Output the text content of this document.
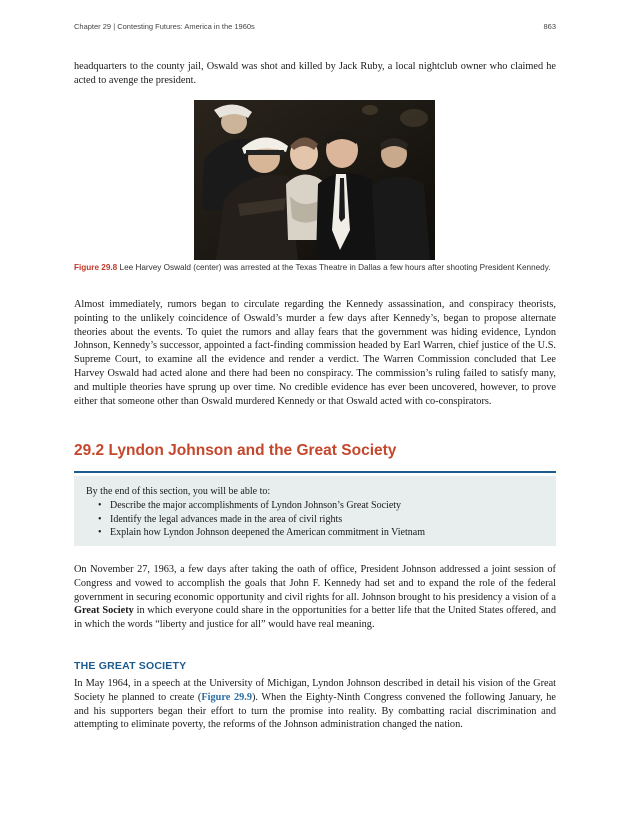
Chapter 29 | Contesting Futures: America in the 1960s	863

headquarters to the county jail, Oswald was shot and killed by Jack Ruby, a local nightclub owner who claimed he acted to avenge the president.

Figure 29.8 Lee Harvey Oswald (center) was arrested at the Texas Theatre in Dallas a few hours after shooting President Kennedy.

Almost immediately, rumors began to circulate regarding the Kennedy assassination, and conspiracy theorists, pointing to the unlikely coincidence of Oswald’s murder a few days after Kennedy’s, began to propose alternate theories about the events. To quiet the rumors and allay fears that the government was hiding evidence, Lyndon Johnson, Kennedy’s successor, appointed a fact-finding commission headed by Earl Warren, chief justice of the U.S. Supreme Court, to examine all the evidence and render a verdict. The Warren Commission concluded that Lee Harvey Oswald had acted alone and there had been no conspiracy. The commission’s ruling failed to satisfy many, and multiple theories have sprung up over time. No credible evidence has ever been uncovered, however, to prove either that someone other than Oswald murdered Kennedy or that Oswald acted with co-conspirators.

29.2 Lyndon Johnson and the Great Society

By the end of this section, you will be able to:

• Describe the major accomplishments of Lyndon Johnson’s Great Society
• Identify the legal advances made in the area of civil rights
• Explain how Lyndon Johnson deepened the American commitment in Vietnam

On November 27, 1963, a few days after taking the oath of office, President Johnson addressed a joint session of Congress and vowed to accomplish the goals that John F. Kennedy had set and to expand the role of the federal government in securing economic opportunity and civil rights for all. Johnson brought to his presidency a vision of a Great Society in which everyone could share in the opportunities for a better life that the United States offered, and in which the words “liberty and justice for all” would have real meaning.

THE GREAT SOCIETY

In May 1964, in a speech at the University of Michigan, Lyndon Johnson described in detail his vision of the Great Society he planned to create (Figure 29.9). When the Eighty-Ninth Congress convened the following January, he and his supporters began their effort to turn the promise into reality. By combatting racial discrimination and attempting to eliminate poverty, the reforms of the Johnson administration changed the nation.
